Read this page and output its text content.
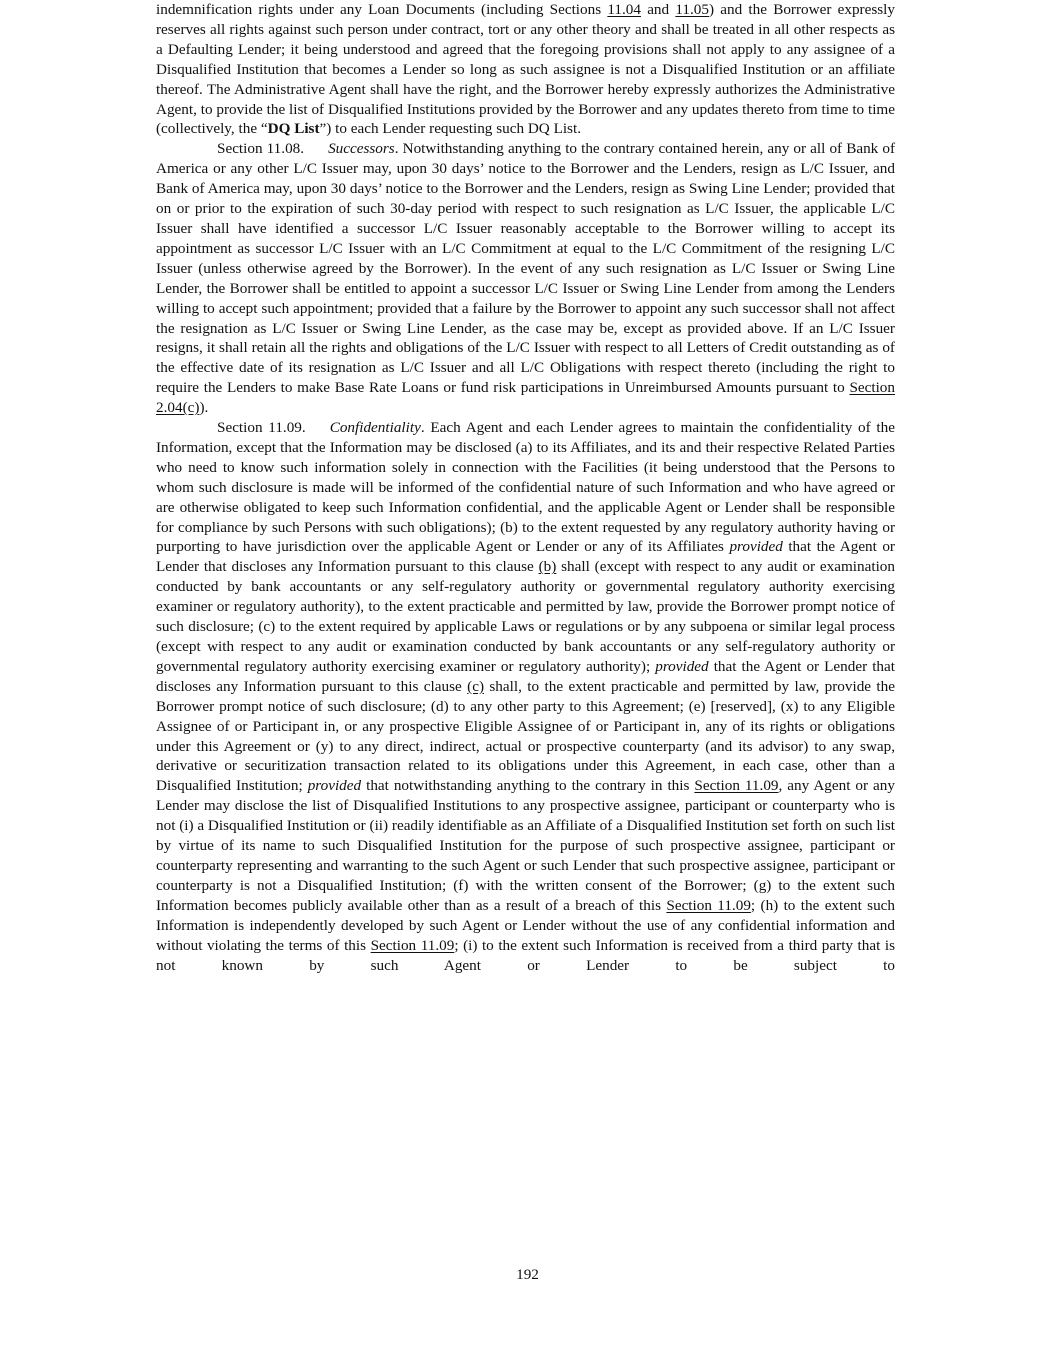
indemnification rights under any Loan Documents (including Sections 11.04 and 11.05) and the Borrower expressly reserves all rights against such person under contract, tort or any other theory and shall be treated in all other respects as a Defaulting Lender; it being understood and agreed that the foregoing provisions shall not apply to any assignee of a Disqualified Institution that becomes a Lender so long as such assignee is not a Disqualified Institution or an affiliate thereof. The Administrative Agent shall have the right, and the Borrower hereby expressly authorizes the Administrative Agent, to provide the list of Disqualified Institutions provided by the Borrower and any updates thereto from time to time (collectively, the “DQ List”) to each Lender requesting such DQ List.

Section 11.08. Successors. Notwithstanding anything to the contrary contained herein, any or all of Bank of America or any other L/C Issuer may, upon 30 days’ notice to the Borrower and the Lenders, resign as L/C Issuer, and Bank of America may, upon 30 days’ notice to the Borrower and the Lenders, resign as Swing Line Lender; provided that on or prior to the expiration of such 30-day period with respect to such resignation as L/C Issuer, the applicable L/C Issuer shall have identified a successor L/C Issuer reasonably acceptable to the Borrower willing to accept its appointment as successor L/C Issuer with an L/C Commitment at equal to the L/C Commitment of the resigning L/C Issuer (unless otherwise agreed by the Borrower). In the event of any such resignation as L/C Issuer or Swing Line Lender, the Borrower shall be entitled to appoint a successor L/C Issuer or Swing Line Lender from among the Lenders willing to accept such appointment; provided that a failure by the Borrower to appoint any such successor shall not affect the resignation as L/C Issuer or Swing Line Lender, as the case may be, except as provided above. If an L/C Issuer resigns, it shall retain all the rights and obligations of the L/C Issuer with respect to all Letters of Credit outstanding as of the effective date of its resignation as L/C Issuer and all L/C Obligations with respect thereto (including the right to require the Lenders to make Base Rate Loans or fund risk participations in Unreimbursed Amounts pursuant to Section 2.04(c)).

Section 11.09. Confidentiality. Each Agent and each Lender agrees to maintain the confidentiality of the Information, except that the Information may be disclosed (a) to its Affiliates, and its and their respective Related Parties who need to know such information solely in connection with the Facilities (it being understood that the Persons to whom such disclosure is made will be informed of the confidential nature of such Information and who have agreed or are otherwise obligated to keep such Information confidential, and the applicable Agent or Lender shall be responsible for compliance by such Persons with such obligations); (b) to the extent requested by any regulatory authority having or purporting to have jurisdiction over the applicable Agent or Lender or any of its Affiliates provided that the Agent or Lender that discloses any Information pursuant to this clause (b) shall (except with respect to any audit or examination conducted by bank accountants or any self-regulatory authority or governmental regulatory authority exercising examiner or regulatory authority), to the extent practicable and permitted by law, provide the Borrower prompt notice of such disclosure; (c) to the extent required by applicable Laws or regulations or by any subpoena or similar legal process (except with respect to any audit or examination conducted by bank accountants or any self-regulatory authority or governmental regulatory authority exercising examiner or regulatory authority); provided that the Agent or Lender that discloses any Information pursuant to this clause (c) shall, to the extent practicable and permitted by law, provide the Borrower prompt notice of such disclosure; (d) to any other party to this Agreement; (e) [reserved], (x) to any Eligible Assignee of or Participant in, or any prospective Eligible Assignee of or Participant in, any of its rights or obligations under this Agreement or (y) to any direct, indirect, actual or prospective counterparty (and its advisor) to any swap, derivative or securitization transaction related to its obligations under this Agreement, in each case, other than a Disqualified Institution; provided that notwithstanding anything to the contrary in this Section 11.09, any Agent or any Lender may disclose the list of Disqualified Institutions to any prospective assignee, participant or counterparty who is not (i) a Disqualified Institution or (ii) readily identifiable as an Affiliate of a Disqualified Institution set forth on such list by virtue of its name to such Disqualified Institution for the purpose of such prospective assignee, participant or counterparty representing and warranting to the such Agent or such Lender that such prospective assignee, participant or counterparty is not a Disqualified Institution; (f) with the written consent of the Borrower; (g) to the extent such Information becomes publicly available other than as a result of a breach of this Section 11.09; (h) to the extent such Information is independently developed by such Agent or Lender without the use of any confidential information and without violating the terms of this Section 11.09; (i) to the extent such Information is received from a third party that is not known by such Agent or Lender to be subject to

192
